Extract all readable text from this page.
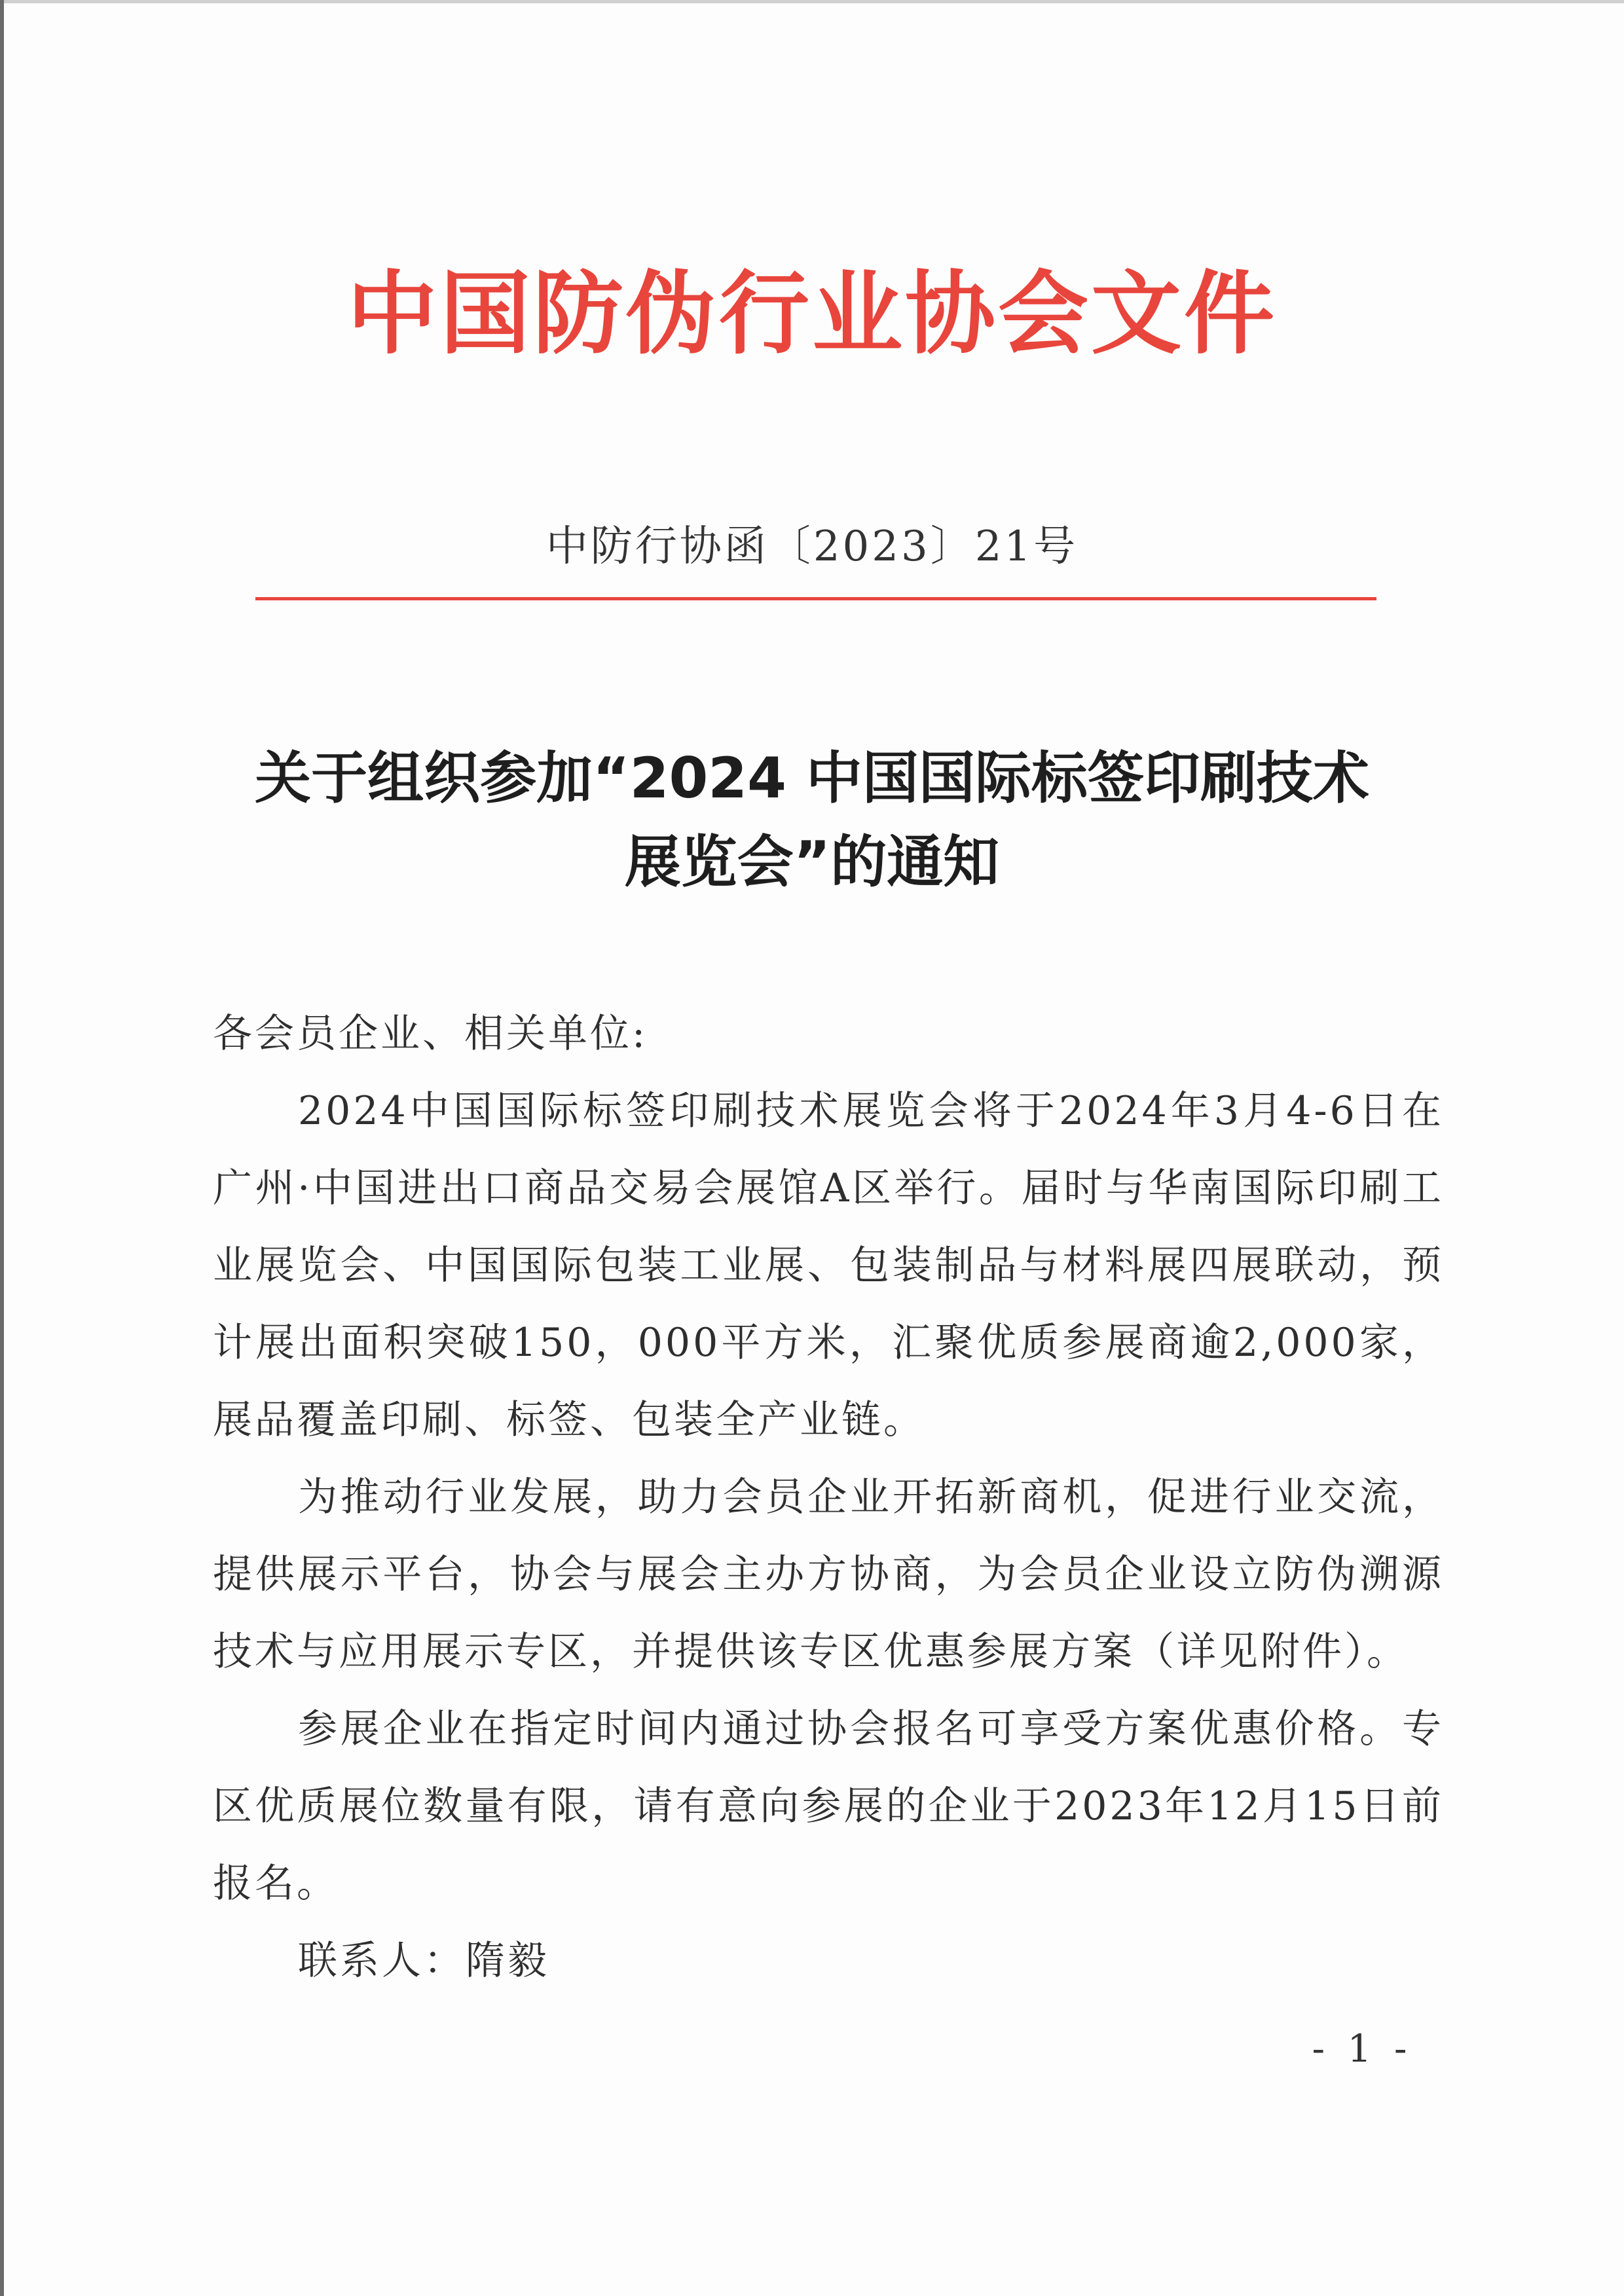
中国防伪行业协会文件
中防行协函〔2023〕21号
关于组织参加“2024 中国国际标签印刷技术
展览会”的通知

各会员企业、相关单位:

2024中国国际标签印刷技术展览会将于2024年3月4-6日在广州·中国进出口商品交易会展馆A区举行。届时与华南国际印刷工业展览会、中国国际包装工业展、包装制品与材料展四展联动，预计展出面积突破150，000平方米，汇聚优质参展商逾2,000家，展品覆盖印刷、标签、包装全产业链。

为推动行业发展，助力会员企业开拓新商机，促进行业交流，提供展示平台，协会与展会主办方协商，为会员企业设立防伪溯源技术与应用展示专区，并提供该专区优惠参展方案（详见附件）。

参展企业在指定时间内通过协会报名可享受方案优惠价格。专区优质展位数量有限，请有意向参展的企业于2023年12月15日前报名。

联系人：隋毅

- 1 -
